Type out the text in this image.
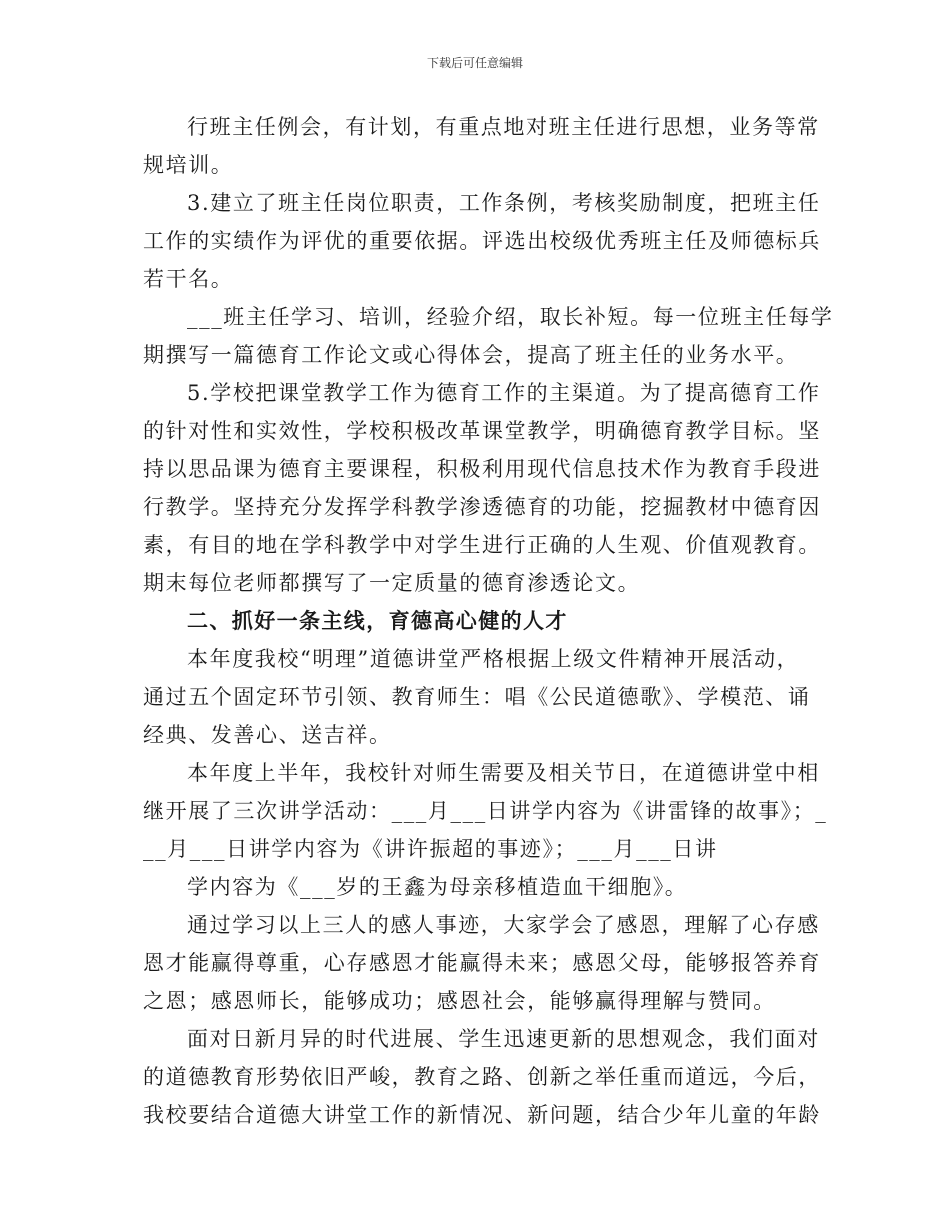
下载后可任意编辑
行班主任例会，有计划，有重点地对班主任进行思想，业务等常
规培训。
3.建立了班主任岗位职责，工作条例，考核奖励制度，把班主任
工作的实绩作为评优的重要依据。评选出校级优秀班主任及师德标兵
若干名。
___班主任学习、培训，经验介绍，取长补短。每一位班主任每学
期撰写一篇德育工作论文或心得体会，提高了班主任的业务水平。
5.学校把课堂教学工作为德育工作的主渠道。为了提高德育工作
的针对性和实效性，学校积极改革课堂教学，明确德育教学目标。坚
持以思品课为德育主要课程，积极利用现代信息技术作为教育手段进
行教学。坚持充分发挥学科教学渗透德育的功能，挖掘教材中德育因
素，有目的地在学科教学中对学生进行正确的人生观、价值观教育。
期末每位老师都撰写了一定质量的德育渗透论文。
二、抓好一条主线，育德高心健的人才
本年度我校“明理”道德讲堂严格根据上级文件精神开展活动，
通过五个固定环节引领、教育师生：唱《公民道德歌》、学模范、诵
经典、发善心、送吉祥。
本年度上半年，我校针对师生需要及相关节日，在道德讲堂中相
继开展了三次讲学活动：___月___日讲学内容为《讲雷锋的故事》；_
__月___日讲学内容为《讲许振超的事迹》；___月___日讲
学内容为《___岁的王鑫为母亲移植造血干细胞》。
通过学习以上三人的感人事迹，大家学会了感恩，理解了心存感
恩才能赢得尊重，心存感恩才能赢得未来；感恩父母，能够报答养育
之恩；感恩师长，能够成功；感恩社会，能够赢得理解与赞同。
面对日新月异的时代进展、学生迅速更新的思想观念，我们面对
的道德教育形势依旧严峻，教育之路、创新之举任重而道远，今后，
我校要结合道德大讲堂工作的新情况、新问题，结合少年儿童的年龄
